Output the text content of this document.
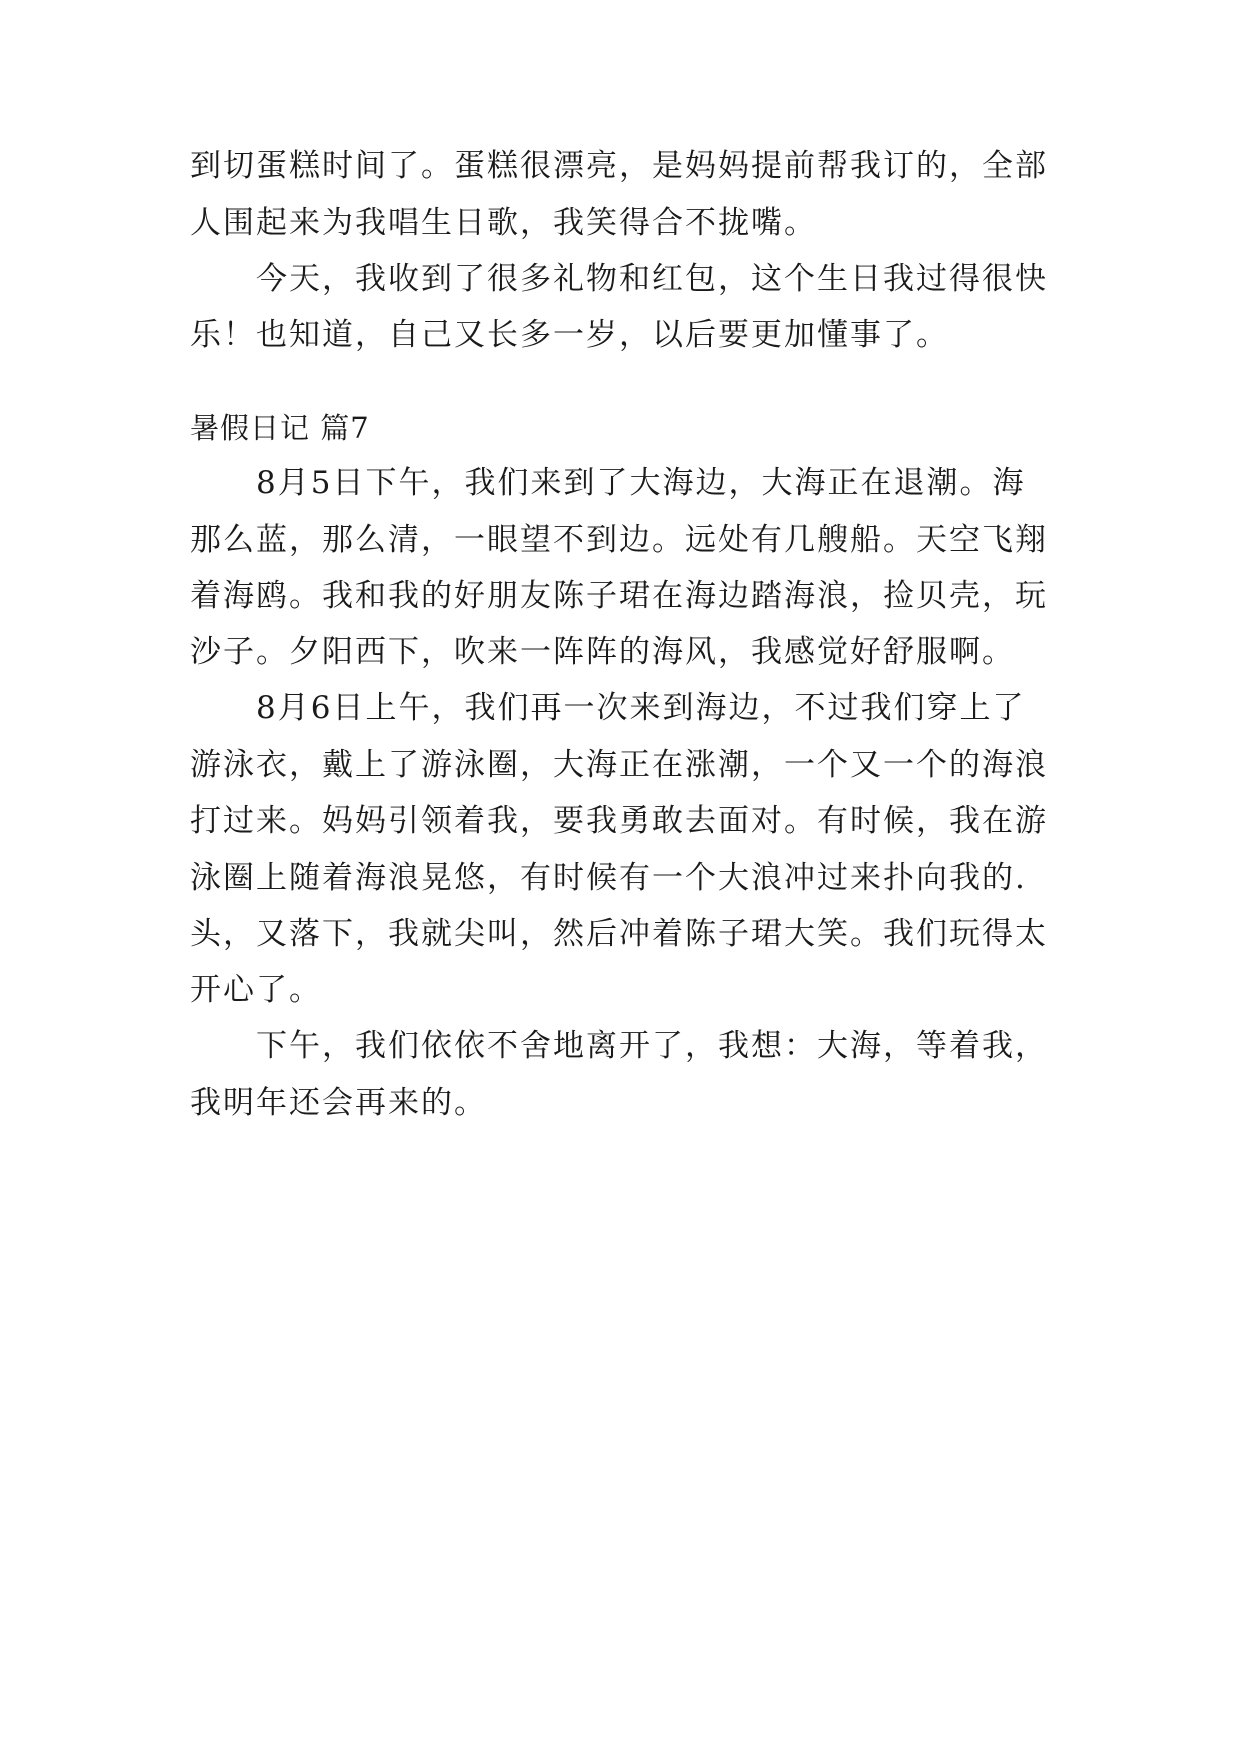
到切蛋糕时间了。蛋糕很漂亮，是妈妈提前帮我订的，全部
人围起来为我唱生日歌，我笑得合不拢嘴。
今天，我收到了很多礼物和红包，这个生日我过得很快
乐！也知道，自己又长多一岁，以后要更加懂事了。
暑假日记 篇7
8月5日下午，我们来到了大海边，大海正在退潮。海
那么蓝，那么清，一眼望不到边。远处有几艘船。天空飞翔
着海鸥。我和我的好朋友陈子珺在海边踏海浪，捡贝壳，玩
沙子。夕阳西下，吹来一阵阵的海风，我感觉好舒服啊。
8月6日上午，我们再一次来到海边，不过我们穿上了
游泳衣，戴上了游泳圈，大海正在涨潮，一个又一个的海浪
打过来。妈妈引领着我，要我勇敢去面对。有时候，我在游
泳圈上随着海浪晃悠，有时候有一个大浪冲过来扑向我的.
头，又落下，我就尖叫，然后冲着陈子珺大笑。我们玩得太
开心了。
下午，我们依依不舍地离开了，我想：大海，等着我，
我明年还会再来的。
